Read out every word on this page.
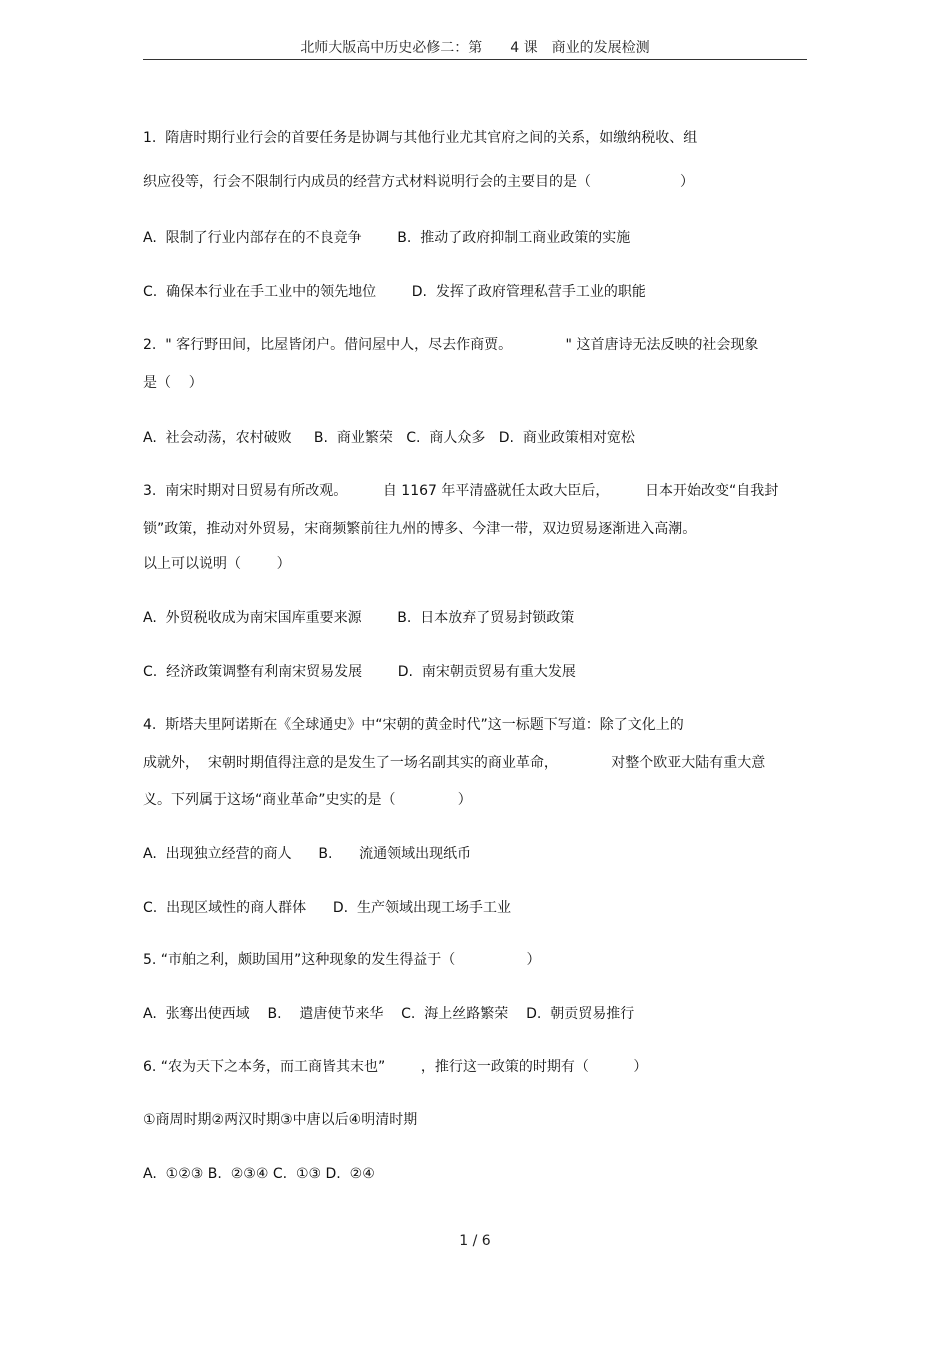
北师大版高中历史必修二：第　　4 课　商业的发展检测
1.  隋唐时期行业行会的首要任务是协调与其他行业尤其官府之间的关系，如缴纳税收、组
织应役等，行会不限制行内成员的经营方式材料说明行会的主要目的是（                    ）
A.  限制了行业内部存在的不良竞争        B.  推动了政府抑制工商业政策的实施
C.  确保本行业在手工业中的领先地位        D.  发挥了政府管理私营手工业的职能
2.  " 客行野田间，比屋皆闭户。借问屋中人，尽去作商贾。            " 这首唐诗无法反映的社会现象
是（    ）
A.  社会动荡，农村破败     B.  商业繁荣   C.  商人众多   D.  商业政策相对宽松
3.  南宋时期对日贸易有所改观。        自 1167 年平清盛就任太政大臣后，        日本开始改变“自我封
锁”政策，推动对外贸易，宋商频繁前往九州的博多、今津一带，双边贸易逐渐进入高潮。
以上可以说明（        ）
A.  外贸税收成为南宋国库重要来源        B.  日本放弃了贸易封锁政策
C.  经济政策调整有利南宋贸易发展        D.  南宋朝贡贸易有重大发展
4.  斯塔夫里阿诺斯在《全球通史》中“宋朝的黄金时代”这一标题下写道：除了文化上的
成就外，  宋朝时期值得注意的是发生了一场名副其实的商业革命，            对整个欧亚大陆有重大意
义。下列属于这场“商业革命”史实的是（              ）
A.  出现独立经营的商人      B.      流通领域出现纸币
C.  出现区域性的商人群体      D.  生产领域出现工场手工业
5. “市舶之利，颇助国用”这种现象的发生得益于（                ）
A.  张骞出使西域    B.    遣唐使节来华    C.  海上丝路繁荣    D.  朝贡贸易推行
6. “农为天下之本务，而工商皆其末也”        ，推行这一政策的时期有（          ）
①商周时期②两汉时期③中唐以后④明清时期
A.  ①②③ B.  ②③④ C.  ①③ D.  ②④
1 / 6
